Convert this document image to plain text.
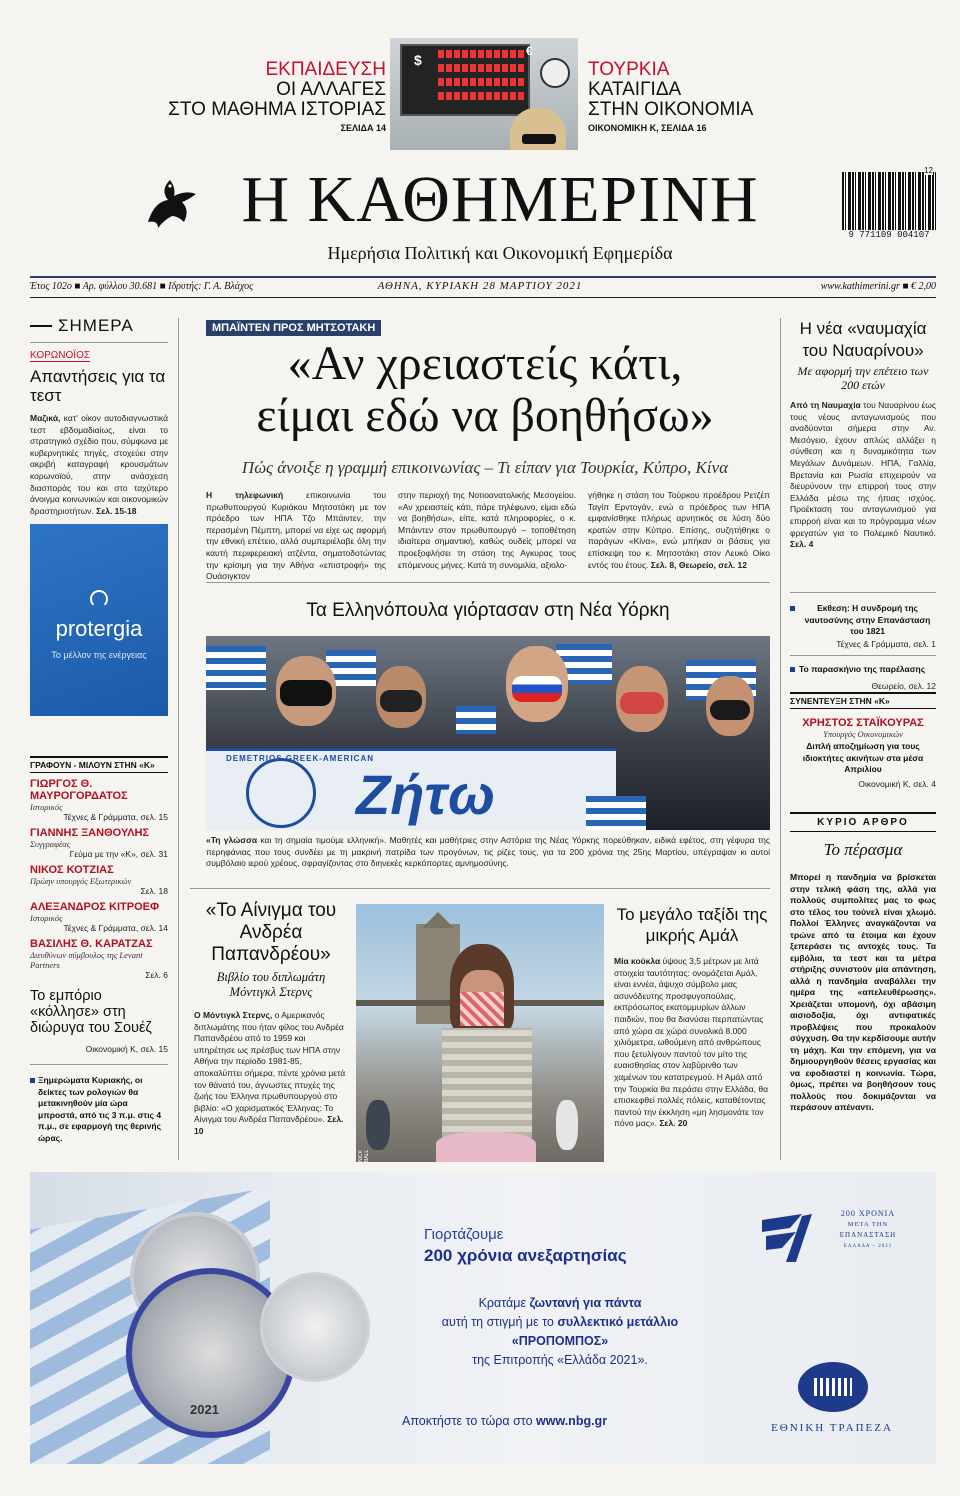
ΕΚΠΑΙΔΕΥΣΗ
ΟΙ ΑΛΛΑΓΕΣ
ΣΤΟ ΜΑΘΗΜΑ ΙΣΤΟΡΙΑΣ
ΣΕΛΙΔΑ 14
$
€
ΤΟΥΡΚΙΑ
ΚΑΤΑΙΓΙΔΑ
ΣΤΗΝ ΟΙΚΟΝΟΜΙΑ
ΟΙΚΟΝΟΜΙΚΗ Κ, ΣΕΛΙΔΑ 16
Η ΚΑΘΗΜΕΡΙΝΗ
Ημερήσια Πολιτική και Οικονομική Εφημερίδα
12
9 771109 004107
Έτος 102ο ■ Αρ. φύλλου 30.681 ■ Ιδρυτής: Γ. Α. Βλάχος	ΑΘΗΝΑ, ΚΥΡΙΑΚΗ 28 ΜΑΡΤΙΟΥ 2021	www.kathimerini.gr ■ € 2,00
ΣΗΜΕΡΑ
ΚΟΡΩΝΟΪΟΣ
Απαντήσεις για τα τεστ
Μαζικά, κατ' οίκον αυτοδιαγνωστικά τεστ εβδομαδιαίως, είναι το στρατηγικό σχέδιο που, σύμφωνα με κυβερνητικές πηγές, στοχεύει στην ακριβή καταγραφή κρουσμάτων κορωνοϊού, στην ανάσχεση διασποράς του και στο ταχύτερο άνοιγμα κοινωνικών και οικονομικών δραστηριοτήτων. Σελ. 15-18
protergia
Το μέλλον της ενέργειας
ΓΡΑΦΟΥΝ - ΜΙΛΟΥΝ ΣΤΗΝ «Κ»
ΓΙΩΡΓΟΣ Θ. ΜΑΥΡΟΓΟΡΔΑΤΟΣ
Ιστορικός
Τέχνες & Γράμματα, σελ. 15
ΓΙΑΝΝΗΣ ΞΑΝΘΟΥΛΗΣ
Συγγραφέας
Γεύμα με την «Κ», σελ. 31
ΝΙΚΟΣ ΚΟΤΖΙΑΣ
Πρώην υπουργός Εξωτερικών
Σελ. 18
ΑΛΕΞΑΝΔΡΟΣ ΚΙΤΡΟΕΦ
Ιστορικός
Τέχνες & Γράμματα, σελ. 14
ΒΑΣΙΛΗΣ Θ. ΚΑΡΑΤΖΑΣ
Διευθύνων σύμβουλος της Levant Partners
Σελ. 6
Το εμπόριο «κόλλησε» στη διώρυγα του Σουέζ
Οικονομική Κ, σελ. 15
Ξημερώματα Κυριακής, οι δείκτες των ρολογιών θα μετακινηθούν μία ώρα μπροστά, από τις 3 π.μ. στις 4 π.μ., σε εφαρμογή της θερινής ώρας.
ΜΠΑΪΝΤΕΝ ΠΡΟΣ ΜΗΤΣΟΤΑΚΗ
«Αν χρειαστείς κάτι,
είμαι εδώ να βοηθήσω»
Πώς άνοιξε η γραμμή επικοινωνίας – Τι είπαν για Τουρκία, Κύπρο, Κίνα
Η τηλεφωνική επικοινωνία του πρωθυπουργού Κυριάκου Μητσοτάκη με τον πρόεδρο των ΗΠΑ Τζο Μπάιντεν, την περασμένη Πέμπτη, μπορεί να είχε ως αφορμή την εθνική επέτειο, αλλά συμπεριέλαβε όλη την καυτή περιφερειακή ατζέντα, σηματοδοτώντας την κρίσιμη για την Αθήνα «επιστροφή» της Ουάσιγκτον
στην περιοχή της Νοτιοανατολικής Μεσογείου. «Αν χρειαστείς κάτι, πάρε τηλέφωνο, είμαι εδώ να βοηθήσω», είπε, κατά πληροφορίες, ο κ. Μπάιντεν στον πρωθυπουργό – τοποθέτηση ιδιαίτερα σημαντική, καθώς ουδείς μπορεί να προεξοφλήσει τη στάση της Αγκυρας τους επόμενους μήνες. Κατά τη συνομιλία, αξιολο-
γήθηκε η στάση του Τούρκου προέδρου Ρετζέπ Ταγίπ Ερντογάν, ενώ ο πρόεδρος των ΗΠΑ εμφανίσθηκε πλήρως αρνητικός σε λύση δύο κρατών στην Κύπρο. Επίσης, συζητήθηκε ο παράγων «Κίνα», ενώ μπήκαν οι βάσεις για επίσκεψη του κ. Μητσοτάκη στον Λευκό Οίκο εντός του έτους. Σελ. 8, Θεωρείο, σελ. 12
Τα Ελληνόπουλα γιόρτασαν στη Νέα Υόρκη
DEMETRIOS GREEK-AMERICAN
Ζήτω
«Τη γλώσσα και τη σημαία τιμούμε ελληνική». Μαθητές και μαθήτριες στην Αστόρια της Νέας Υόρκης πορεύθηκαν, ειδικά εφέτος, στη γέφυρα της περηφάνιας που τους συνδέει με τη μακρινή πατρίδα των προγόνων, τις ρίζες τους, για τα 200 χρόνια της 25ης Μαρτίου, υπέγραψαν κι αυτοί συμβόλαιο ιερού χρέους, σφραγίζοντας στο διηνεκές κερκόπορτες αμνημοσύνης.
«Το Αίνιγμα του Ανδρέα Παπανδρέου»
Βιβλίο του διπλωμάτη Μόντιγκλ Στερνς
Ο Μόντιγκλ Στερνς, ο Αμερικανός διπλωμάτης που ήταν φίλος του Ανδρέα Παπανδρέου από το 1959 και υπηρέτησε ως πρέσβυς των ΗΠΑ στην Αθήνα την περίοδο 1981-85, αποκαλύπτει σήμερα, πέντε χρόνια μετά τον θάνατό του, άγνωστες πτυχές της ζωής του Έλληνα πρωθυπουργού στο βιβλίο: «Ο χαρισματικός Έλληνας: Το Αίνιγμα του Ανδρέα Παπανδρέου». Σελ. 10
NICK BALL
Το μεγάλο ταξίδι της μικρής Αμάλ
Μία κούκλα ύψους 3,5 μέτρων με λιτά στοιχεία ταυτότητας: ονομάζεται Αμάλ, είναι εννέα, άψυχο σύμβολο μιας ασυνόδευτης προσφυγοπούλας, εκπρόσωπος εκατομμυρίων άλλων παιδιών, που θα διανύσει περπατώντας από χώρα σε χώρα συνολικά 8.000 χιλιόμετρα, ωθούμενη από ανθρώπους που ξετυλίγουν παντού τον μίτο της ευαισθησίας στον λαβύρινθο των χαμένων του κατατρεγμού. Η Αμάλ από την Τουρκία θα περάσει στην Ελλάδα, θα επισκεφθεί πολλές πόλεις, καταθέτοντας παντού την έκκληση «μη λησμονάτε τον πόνο μας». Σελ. 20
Η νέα «ναυμαχία του Ναυαρίνου»
Με αφορμή την επέτειο των 200 ετών
Από τη Ναυμαχία του Ναυαρίνου έως τους νέους ανταγωνισμούς που αναδύονται σήμερα στην Αν. Μεσόγειο, έχουν απλώς αλλάξει η σύνθεση και η δυναμικότητα των Μεγάλων Δυνάμεων. ΗΠΑ, Γαλλία, Βρετανία και Ρωσία επιχειρούν να διευρύνουν την επιρροή τους στην Ελλάδα μέσω της ήπιας ισχύος. Προέκταση του ανταγωνισμού για επιρροή είναι και το πρόγραμμα νέων φρεγατών για το Πολεμικό Ναυτικό. Σελ. 4
Εκθεση: Η συνδρομή της ναυτοσύνης στην Επανάσταση του 1821
Τέχνες & Γράμματα, σελ. 1
Το παρασκήνιο της παρέλασης
Θεωρείο, σελ. 12
ΣΥΝΕΝΤΕΥΞΗ ΣΤΗΝ «Κ»
ΧΡΗΣΤΟΣ ΣΤΑΪΚΟΥΡΑΣ
Υπουργός Οικονομικών
Διπλή αποζημίωση για τους ιδιοκτήτες ακινήτων στα μέσα Απριλίου
Οικονομική Κ, σελ. 4
ΚΥΡΙΟ ΑΡΘΡΟ
Το πέρασμα
Μπορεί η πανδημία να βρίσκεται στην τελική φάση της, αλλά για πολλούς συμπολίτες μας το φως στο τέλος του τούνελ είναι χλωμό. Πολλοί Έλληνες αναγκάζονται να τρώνε από τα έτοιμα και έχουν ξεπεράσει τις αντοχές τους. Τα εμβόλια, τα τεστ και τα μέτρα στήριξης συνιστούν μία απάντηση, αλλά η πανδημία αναβάλλει την ημέρα της «απελευθέρωσης». Χρειάζεται υπομονή, όχι αβάσιμη αισιοδοξία, όχι αντιφατικές προβλέψεις που προκαλούν σύγχυση. Θα την κερδίσουμε αυτήν τη μάχη. Και την επόμενη, για να δημιουργηθούν θέσεις εργασίας και να εφοδιαστεί η κοινωνία. Τώρα, όμως, πρέπει να βοηθήσουν τους πολλούς που δοκιμάζονται να περάσουν απέναντι.
2021
Γιορτάζουμε
200 χρόνια ανεξαρτησίας
Κρατάμε ζωντανή για πάντα
αυτή τη στιγμή με το συλλεκτικό μετάλλιο
«ΠΡΟΠΟΜΠΟΣ»
της Επιτροπής «Ελλάδα 2021».
Αποκτήστε το τώρα στο www.nbg.gr
200 ΧΡΟΝΙΑ
ΜΕΤΑ ΤΗΝ
ΕΠΑΝΑΣΤΑΣΗ
ΕΛΛΑΔΑ – 2021
ΕΘΝΙΚΗ ΤΡΑΠΕΖΑ
